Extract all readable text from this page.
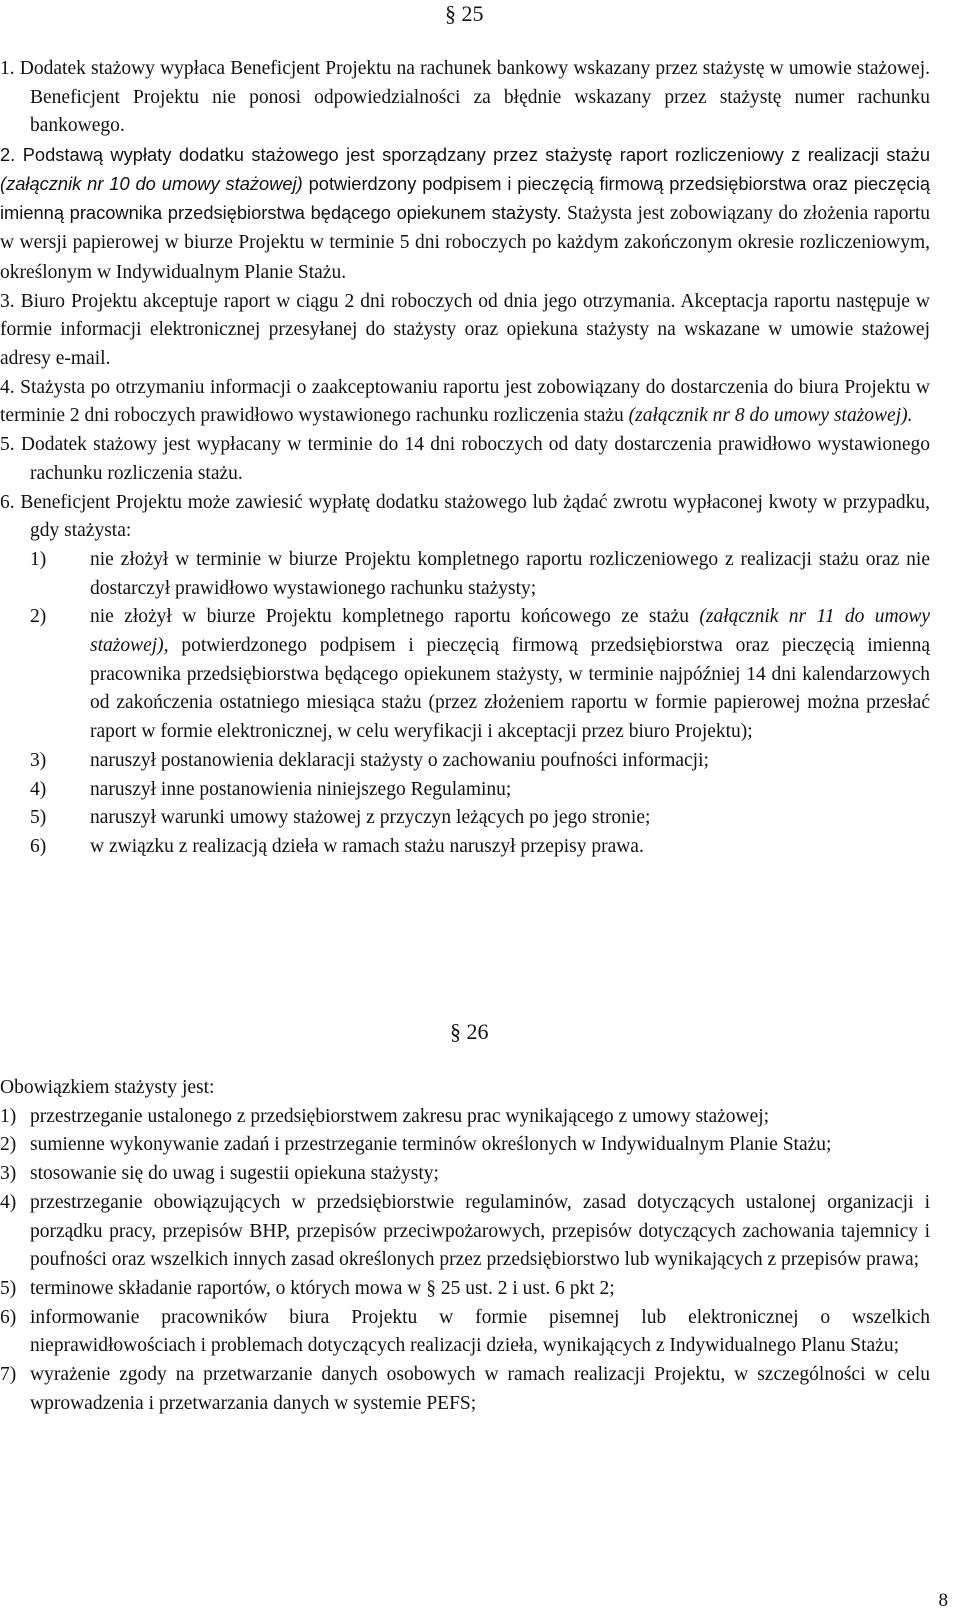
§ 25

1. Dodatek stażowy wypłaca Beneficjent Projektu na rachunek bankowy wskazany przez stażystę w umowie stażowej. Beneficjent Projektu nie ponosi odpowiedzialności za błędnie wskazany przez stażystę numer rachunku bankowego.

2. Podstawą wypłaty dodatku stażowego jest sporządzany przez stażystę raport rozliczeniowy z realizacji stażu (załącznik nr 10 do umowy stażowej) potwierdzony podpisem i pieczęcią firmową przedsiębiorstwa oraz pieczęcią imienną pracownika przedsiębiorstwa będącego opiekunem stażysty. Stażysta jest zobowiązany do złożenia raportu w wersji papierowej w biurze Projektu w terminie 5 dni roboczych po każdym zakończonym okresie rozliczeniowym, określonym w Indywidualnym Planie Stażu.

3. Biuro Projektu akceptuje raport w ciągu 2 dni roboczych od dnia jego otrzymania. Akceptacja raportu następuje w formie informacji elektronicznej przesyłanej do stażysty oraz opiekuna stażysty na wskazane w umowie stażowej adresy e-mail.

4. Stażysta po otrzymaniu informacji o zaakceptowaniu raportu jest zobowiązany do dostarczenia do biura Projektu w terminie 2 dni roboczych prawidłowo wystawionego rachunku rozliczenia stażu (załącznik nr 8 do umowy stażowej).

5. Dodatek stażowy jest wypłacany w terminie do 14 dni roboczych od daty dostarczenia prawidłowo wystawionego rachunku rozliczenia stażu.

6. Beneficjent Projektu może zawiesić wypłatę dodatku stażowego lub żądać zwrotu wypłaconej kwoty w przypadku, gdy stażysta:

1) nie złożył w terminie w biurze Projektu kompletnego raportu rozliczeniowego z realizacji stażu oraz nie dostarczył prawidłowo wystawionego rachunku stażysty;
2) nie złożył w biurze Projektu kompletnego raportu końcowego ze stażu (załącznik nr 11 do umowy stażowej), potwierdzonego podpisem i pieczęcią firmową przedsiębiorstwa oraz pieczęcią imienną pracownika przedsiębiorstwa będącego opiekunem stażysty, w terminie najpóźniej 14 dni kalendarzowych od zakończenia ostatniego miesiąca stażu (przez złożeniem raportu w formie papierowej można przesłać raport w formie elektronicznej, w celu weryfikacji i akceptacji przez biuro Projektu);
3) naruszył postanowienia deklaracji stażysty o zachowaniu poufności informacji;
4) naruszył inne postanowienia niniejszego Regulaminu;
5) naruszył warunki umowy stażowej z przyczyn leżących po jego stronie;
6) w związku z realizacją dzieła w ramach stażu naruszył przepisy prawa.
§ 26

Obowiązkiem stażysty jest:

1) przestrzeganie ustalonego z przedsiębiorstwem zakresu prac wynikającego z umowy stażowej;
2) sumienne wykonywanie zadań i przestrzeganie terminów określonych w Indywidualnym Planie Stażu;
3) stosowanie się do uwag i sugestii opiekuna stażysty;
4) przestrzeganie obowiązujących w przedsiębiorstwie regulaminów, zasad dotyczących ustalonej organizacji i porządku pracy, przepisów BHP, przepisów przeciwpożarowych, przepisów dotyczących zachowania tajemnicy i poufności oraz wszelkich innych zasad określonych przez przedsiębiorstwo lub wynikających z przepisów prawa;
5) terminowe składanie raportów, o których mowa w § 25 ust. 2 i ust. 6 pkt 2;
6) informowanie pracowników biura Projektu w formie pisemnej lub elektronicznej o wszelkich nieprawidłowościach i problemach dotyczących realizacji dzieła, wynikających z Indywidualnego Planu Stażu;
7) wyrażenie zgody na przetwarzanie danych osobowych w ramach realizacji Projektu, w szczególności w celu wprowadzenia i przetwarzania danych w systemie PEFS;
8
